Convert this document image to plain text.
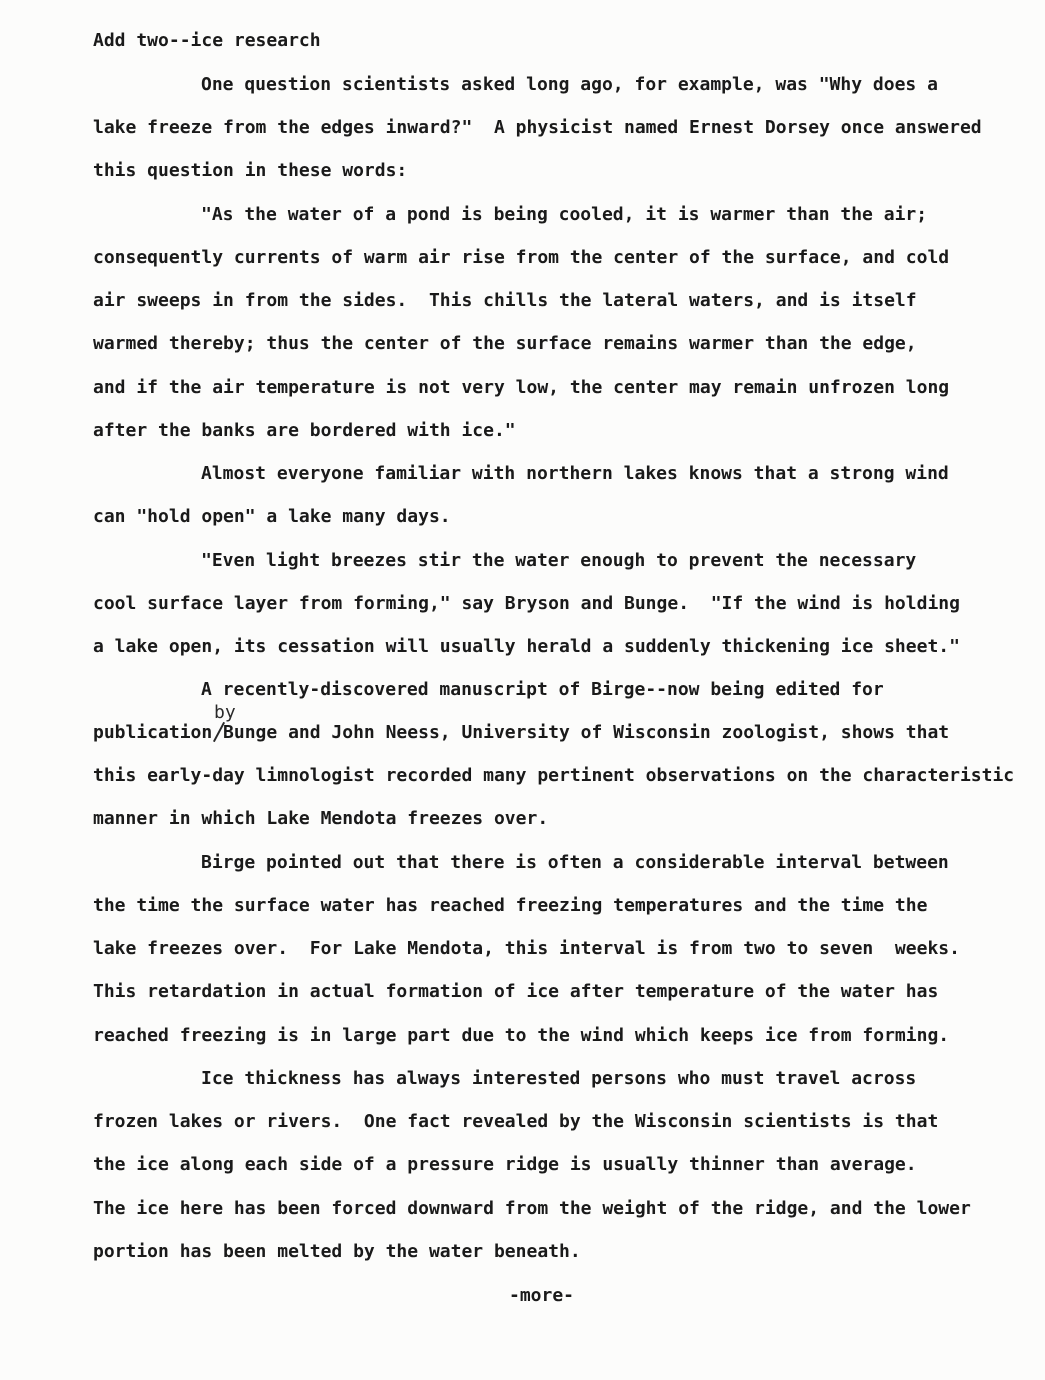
Add two--ice research
One question scientists asked long ago, for example, was "Why does a
lake freeze from the edges inward?"  A physicist named Ernest Dorsey once answered
this question in these words:
"As the water of a pond is being cooled, it is warmer than the air;
consequently currents of warm air rise from the center of the surface, and cold
air sweeps in from the sides.  This chills the lateral waters, and is itself
warmed thereby; thus the center of the surface remains warmer than the edge,
and if the air temperature is not very low, the center may remain unfrozen long
after the banks are bordered with ice."
Almost everyone familiar with northern lakes knows that a strong wind
can "hold open" a lake many days.
"Even light breezes stir the water enough to prevent the necessary
cool surface layer from forming," say Bryson and Bunge.  "If the wind is holding
a lake open, its cessation will usually herald a suddenly thickening ice sheet."
A recently-discovered manuscript of Birge--now being edited for
by
publication Bunge and John Neess, University of Wisconsin zoologist, shows that
this early-day limnologist recorded many pertinent observations on the characteristic
manner in which Lake Mendota freezes over.
Birge pointed out that there is often a considerable interval between
the time the surface water has reached freezing temperatures and the time the
lake freezes over.  For Lake Mendota, this interval is from two to seven  weeks.
This retardation in actual formation of ice after temperature of the water has
reached freezing is in large part due to the wind which keeps ice from forming.
Ice thickness has always interested persons who must travel across
frozen lakes or rivers.  One fact revealed by the Wisconsin scientists is that
the ice along each side of a pressure ridge is usually thinner than average.
The ice here has been forced downward from the weight of the ridge, and the lower
portion has been melted by the water beneath.
-more-
